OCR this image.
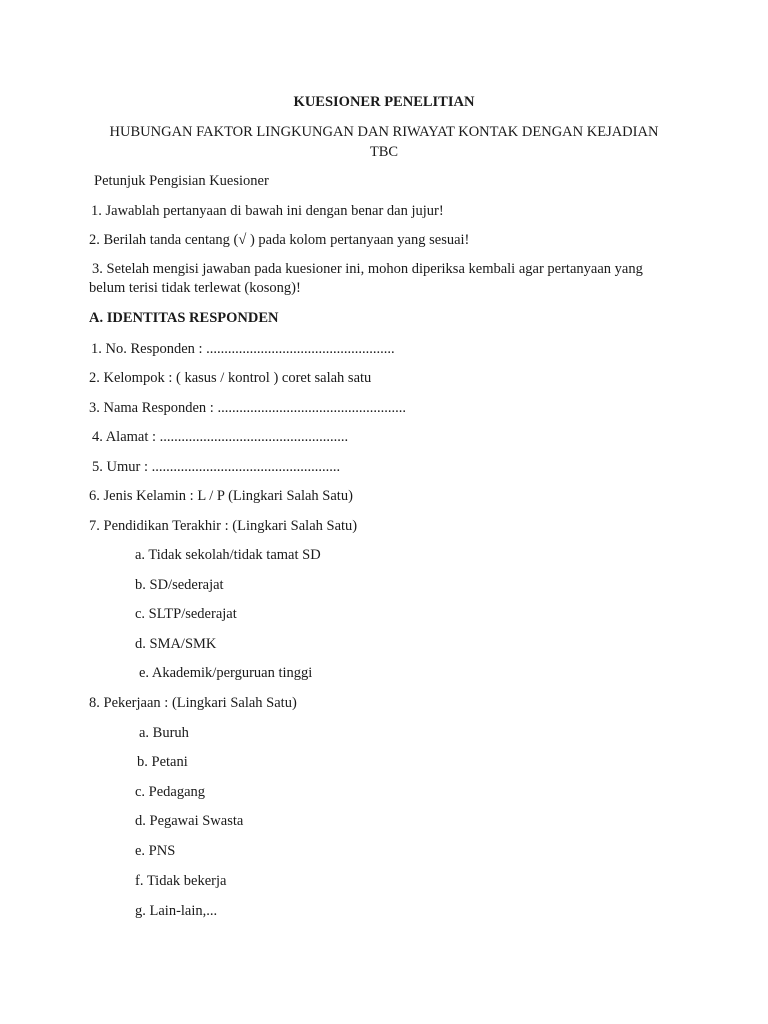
KUESIONER PENELITIAN
HUBUNGAN FAKTOR LINGKUNGAN DAN RIWAYAT KONTAK DENGAN KEJADIAN
TBC
Petunjuk Pengisian Kuesioner
1. Jawablah pertanyaan di bawah ini dengan benar dan jujur!
2. Berilah tanda centang (√ ) pada kolom pertanyaan yang sesuai!
3. Setelah mengisi jawaban pada kuesioner ini, mohon diperiksa kembali agar pertanyaan yang belum terisi tidak terlewat (kosong)!
A. IDENTITAS RESPONDEN
1. No. Responden : ....................................................
2. Kelompok : ( kasus / kontrol ) coret salah satu
3. Nama Responden : ....................................................
4. Alamat : ....................................................
5. Umur : ....................................................
6. Jenis Kelamin : L / P (Lingkari Salah Satu)
7. Pendidikan Terakhir : (Lingkari Salah Satu)
a. Tidak sekolah/tidak tamat SD
b. SD/sederajat
c. SLTP/sederajat
d. SMA/SMK
e. Akademik/perguruan tinggi
8. Pekerjaan : (Lingkari Salah Satu)
a. Buruh
b. Petani
c. Pedagang
d. Pegawai Swasta
e. PNS
f. Tidak bekerja
g. Lain-lain,...
